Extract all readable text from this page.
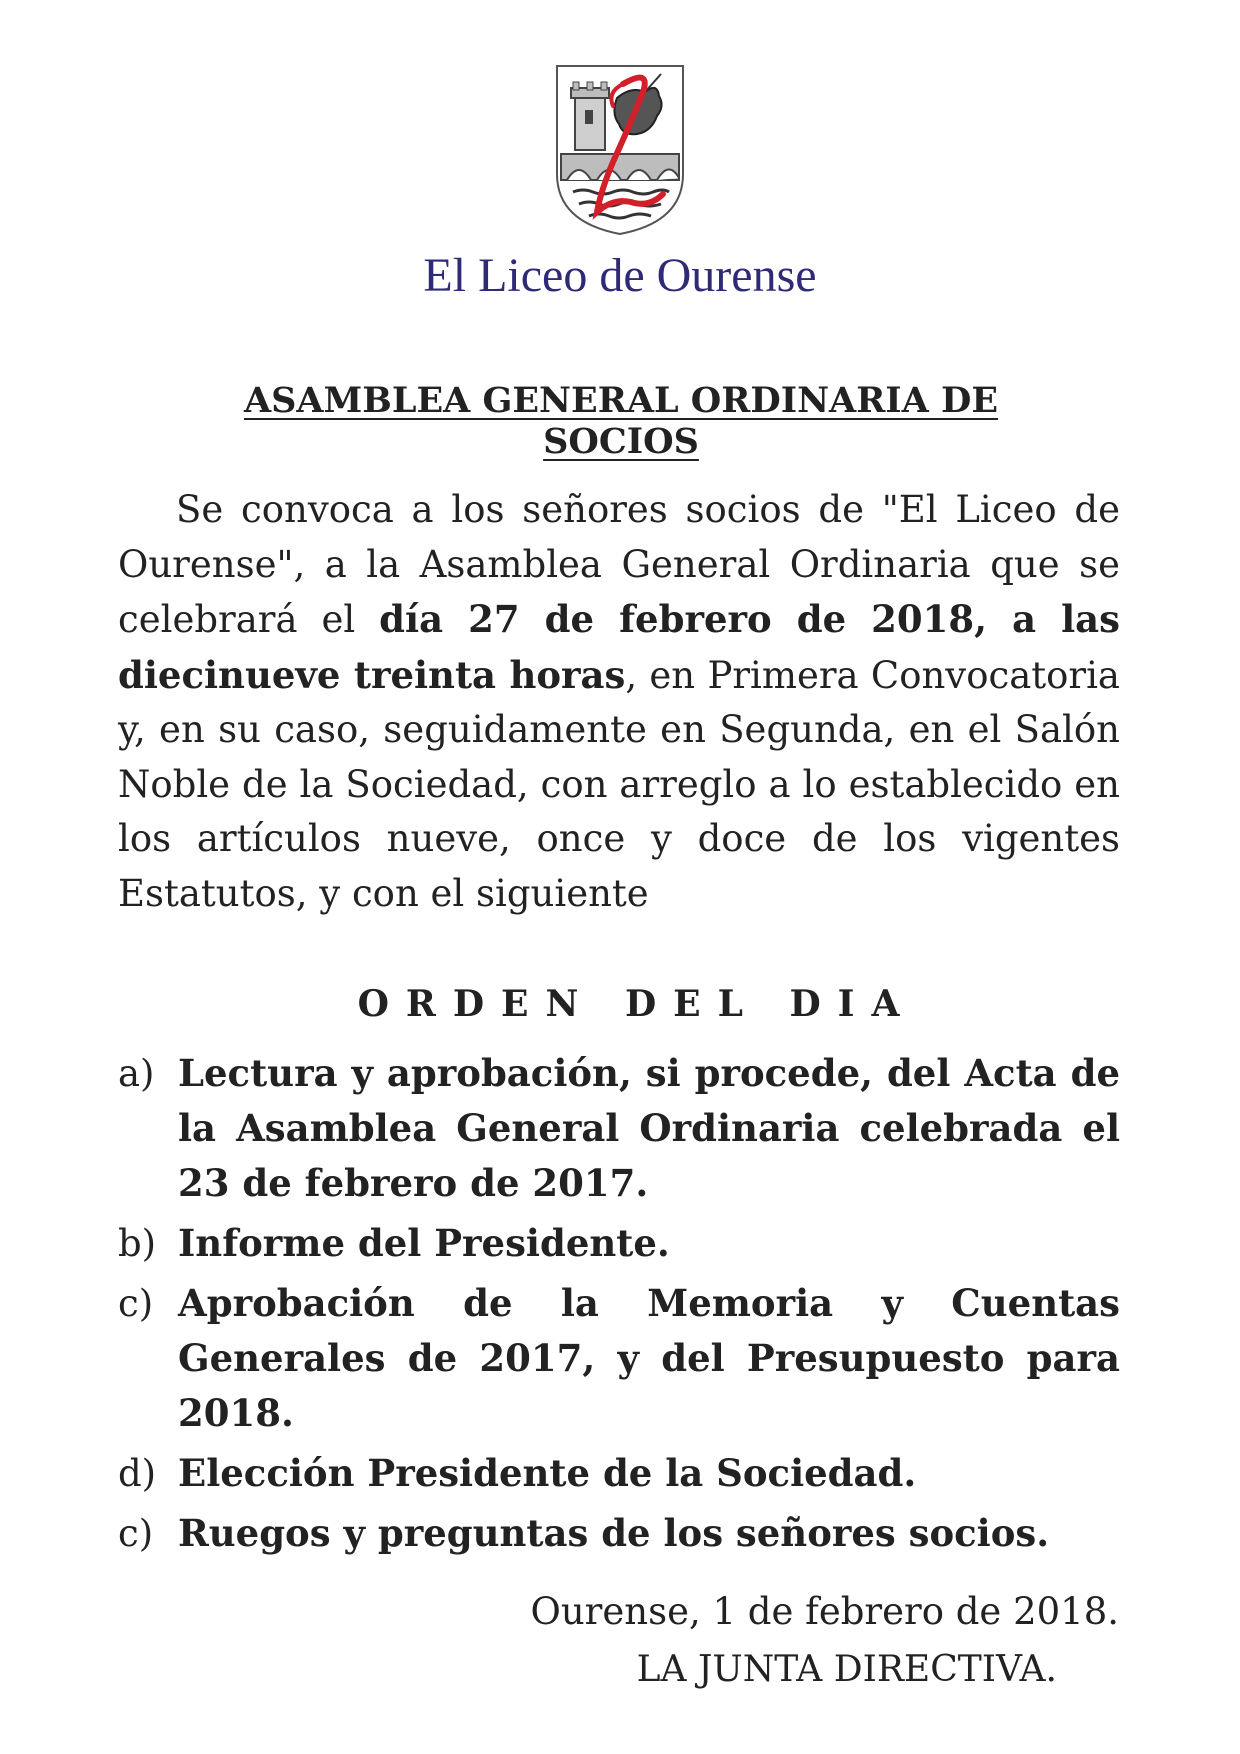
El Liceo de Ourense
ASAMBLEA GENERAL ORDINARIA DE SOCIOS

Se convoca a los señores socios de "El Liceo de Ourense", a la Asamblea General Ordinaria que se celebrará el día 27 de febrero de 2018, a las diecinueve treinta horas, en Primera Convocatoria y, en su caso, seguidamente en Segunda, en el Salón Noble de la Sociedad, con arreglo a lo establecido en los artículos nueve, once y doce de los vigentes Estatutos, y con el siguiente

ORDEN DEL DIA
a) Lectura y aprobación, si procede, del Acta de la Asamblea General Ordinaria celebrada el 23 de febrero de 2017.
b) Informe del Presidente.
c) Aprobación de la Memoria y Cuentas Generales de 2017, y del Presupuesto para 2018.
d) Elección Presidente de la Sociedad.
c) Ruegos y preguntas de los señores socios.
Ourense, 1 de febrero de 2018.
LA JUNTA DIRECTIVA.
